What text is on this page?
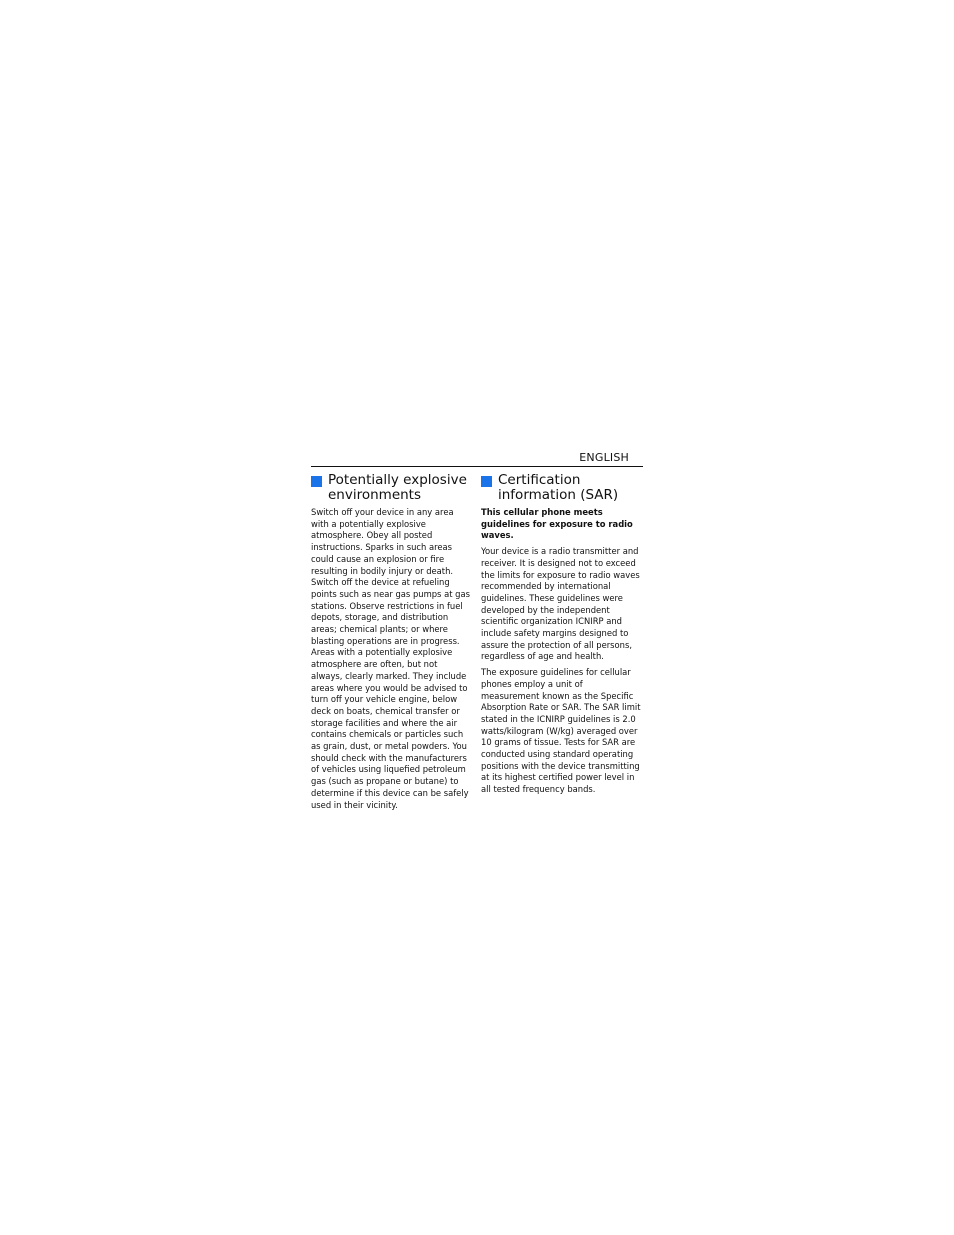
ENGLISH
Potentially explosive environments

Switch off your device in any area with a potentially explosive atmosphere. Obey all posted instructions. Sparks in such areas could cause an explosion or fire resulting in bodily injury or death. Switch off the device at refueling points such as near gas pumps at gas stations. Observe restrictions in fuel depots, storage, and distribution areas; chemical plants; or where blasting operations are in progress. Areas with a potentially explosive atmosphere are often, but not always, clearly marked. They include areas where you would be advised to turn off your vehicle engine, below deck on boats, chemical transfer or storage facilities and where the air contains chemicals or particles such as grain, dust, or metal powders. You should check with the manufacturers of vehicles using liquefied petroleum gas (such as propane or butane) to determine if this device can be safely used in their vicinity.

Certification information (SAR)

This cellular phone meets guidelines for exposure to radio waves.

Your device is a radio transmitter and receiver. It is designed not to exceed the limits for exposure to radio waves recommended by international guidelines. These guidelines were developed by the independent scientific organization ICNIRP and include safety margins designed to assure the protection of all persons, regardless of age and health.

The exposure guidelines for cellular phones employ a unit of measurement known as the Specific Absorption Rate or SAR. The SAR limit stated in the ICNIRP guidelines is 2.0 watts/kilogram (W/kg) averaged over 10 grams of tissue. Tests for SAR are conducted using standard operating positions with the device transmitting at its highest certified power level in all tested frequency bands.
